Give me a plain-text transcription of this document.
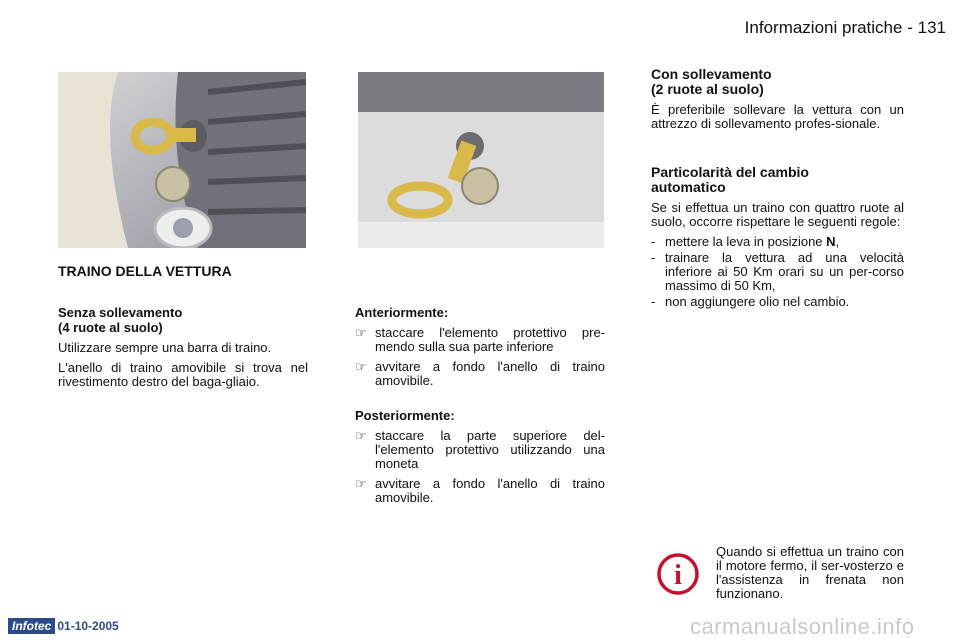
Informazioni pratiche - 131
TRAINO DELLA VETTURA
Senza sollevamento
(4 ruote al suolo)

Utilizzare sempre una barra di traino.

L'anello di traino amovibile si trova nel rivestimento destro del baga-gliaio.

Anteriormente:
☞ staccare l'elemento protettivo pre-mendo sulla sua parte inferiore
☞ avvitare a fondo l'anello di traino amovibile.
Posteriormente:
☞ staccare la parte superiore del-l'elemento protettivo utilizzando una moneta
☞ avvitare a fondo l'anello di traino amovibile.
Con sollevamento
(2 ruote al suolo)

È preferibile sollevare la vettura con un attrezzo di sollevamento profes-sionale.

Particolarità del cambio
automatico

Se si effettua un traino con quattro ruote al suolo, occorre rispettare le seguenti regole:

- mettere la leva in posizione N,
- trainare la vettura ad una velocità inferiore ai 50 Km orari su un per-corso massimo di 50 Km,
- non aggiungere olio nel cambio.
i

Quando si effettua un traino con il motore fermo, il ser-vosterzo e l'assistenza in frenata non funzionano.

Infotec 01-10-2005	carmanualsonline.info
